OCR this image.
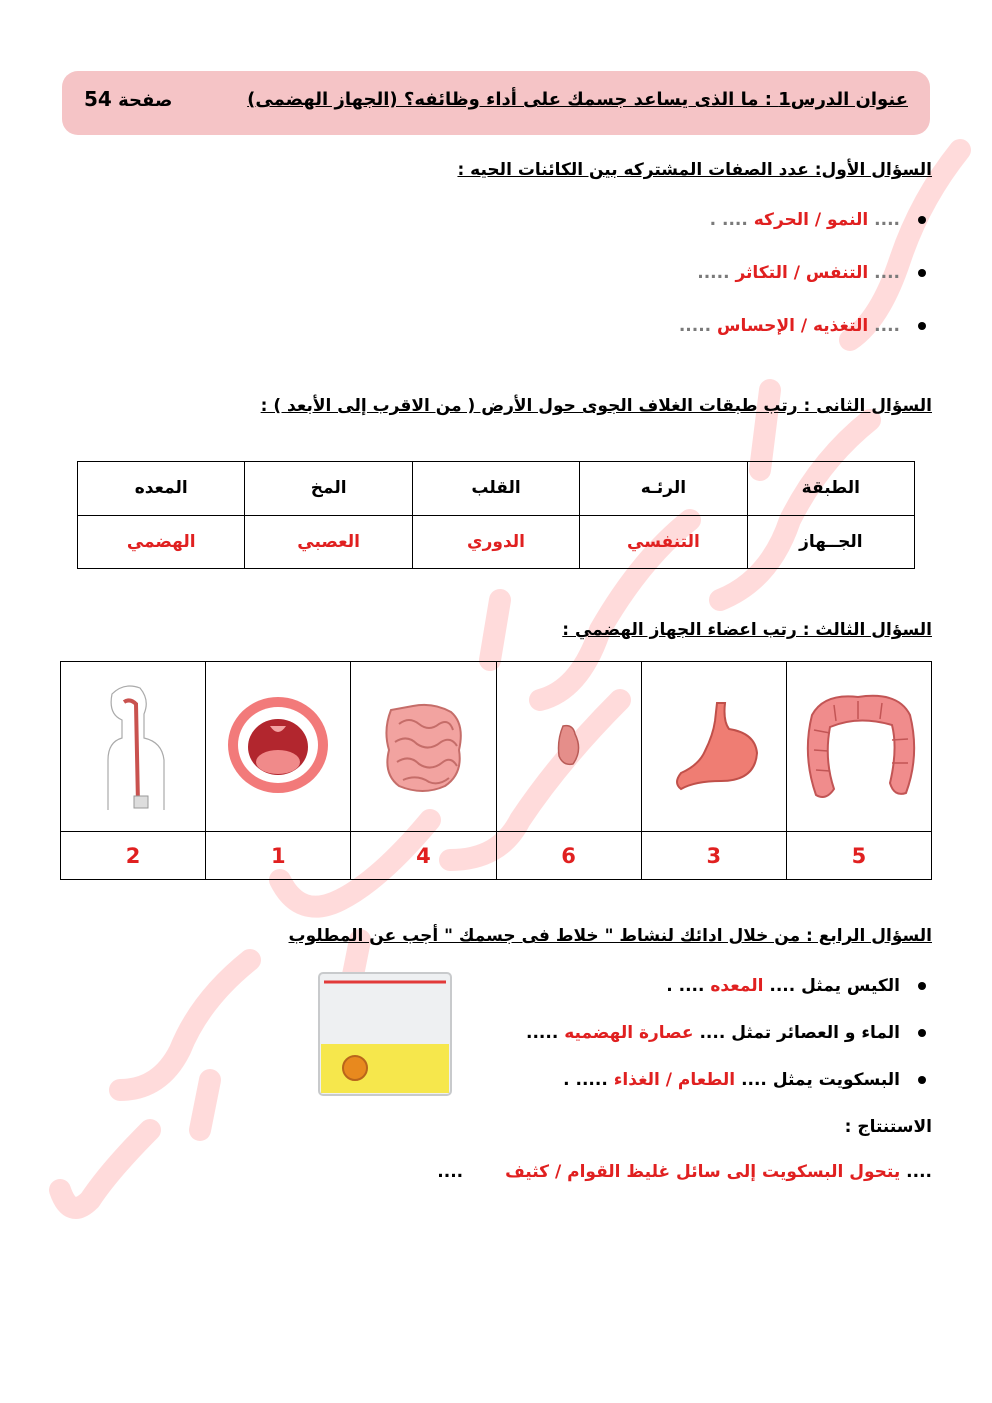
عنوان الدرس1 : ما الذى يساعد جسمك على أداء وظائفه؟ (الجهاز الهضمى)
صفحة 54
السؤال الأول: عدد الصفات المشتركه بين الكائنات الحيه :
.... النمو / الحركه .... .
.... التنفس / التكاثر .....
.... التغذيه / الإحساس .....
السؤال الثانى : رتب طبقات الغلاف الجوى حول الأرض ( من الاقرب إلى الأبعد ) :
الطبقة	الرئـه	القلب	المخ	المعده
الجــهاز	التنفسي	الدوري	العصبي	الهضمي
السؤال الثالث : رتب اعضاء الجهاز الهضمي :

5	3	6	4	1	2
السؤال الرابع : من خلال ادائك لنشاط " خلاط فى جسمك " أجب عن المطلوب
الكيس يمثل .... المعده .... .
الماء و العصائر تمثل .... عصارة الهضميه .....
البسكويت يمثل .... الطعام / الغذاء ..... .
الاستنتاج :
.... يتحول البسكويت إلى سائل غليظ القوام / كثيف ....
